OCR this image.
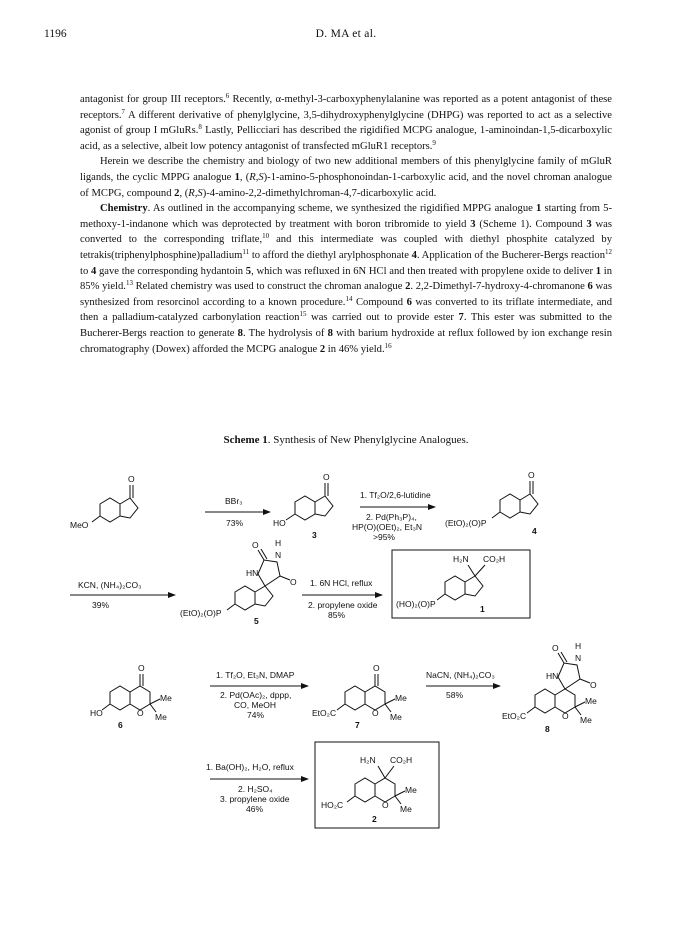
1196	D. MA et al.

antagonist for group III receptors.$^6$ Recently, α-methyl-3-carboxyphenylalanine was reported as a potent antagonist of these receptors.$^7$ A different derivative of phenylglycine, 3,5-dihydroxyphenylglycine (DHPG) was reported to act as a selective agonist of group I mGluRs.$^8$ Lastly, Pellicciari has described the rigidified MCPG analogue, 1-aminoindan-1,5-dicarboxylic acid, as a selective, albeit low potency antagonist of transfected mGluR1 receptors.$^9$

Herein we describe the chemistry and biology of two new additional members of this phenylglycine family of mGluR ligands, the cyclic MPPG analogue 1, (R,S)-1-amino-5-phosphonoindan-1-carboxylic acid, and the novel chroman analogue of MCPG, compound 2, (R,S)-4-amino-2,2-dimethylchroman-4,7-dicarboxylic acid.

Chemistry. As outlined in the accompanying scheme, we synthesized the rigidified MPPG analogue 1 starting from 5-methoxy-1-indanone which was deprotected by treatment with boron tribromide to yield 3 (Scheme 1). Compound 3 was converted to the corresponding triflate,$^{10}$ and this intermediate was coupled with diethyl phosphite catalyzed by tetrakis(triphenylphosphine)palladium$^{11}$ to afford the diethyl arylphosphonate 4. Application of the Bucherer-Bergs reaction$^{12}$ to 4 gave the corresponding hydantoin 5, which was refluxed in 6N HCl and then treated with propylene oxide to deliver 1 in 85% yield.$^{13}$ Related chemistry was used to construct the chroman analogue 2. 2,2-Dimethyl-7-hydroxy-4-chromanone 6 was synthesized from resorcinol according to a known procedure.$^{14}$ Compound 6 was converted to its triflate intermediate, and then a palladium-catalyzed carbonylation reaction$^{15}$ was carried out to provide ester 7. This ester was submitted to the Bucherer-Bergs reaction to generate 8. The hydrolysis of 8 with barium hydroxide at reflux followed by ion exchange resin chromatography (Dowex) afforded the MCPG analogue 2 in 46% yield.$^{16}$

Scheme 1. Synthesis of New Phenylglycine Analogues.
O
MeO
BBr₃
73%
O
HO
3
1. Tf₂O/2,6-lutidine
2. Pd(Ph₃P)₄,
HP(O)(OEt)₂, Et₃N
>95%
O
(EtO)₂(O)P
4
KCN, (NH₄)₂CO₃
39%
O
O
N
H
HN
(EtO)₂(O)P
5
1. 6N HCl, reflux
2. propylene oxide
85%
H₂N CO₂H
(HO)₂(O)P	1
O
O
Me
Me
HO
6
1. Tf₂O, Et₃N, DMAP
2. Pd(OAc)₂, dppp,
CO, MeOH
74%
O
O
Me
Me
EtO₂C
7
NaCN, (NH₄)₂CO₃
58%
O
O
N
H
HN
O
Me
Me
EtO₂C
8
1. Ba(OH)₂, H₂O, reflux
2. H₂SO₄
3. propylene oxide
46%
H₂N CO₂H
O
Me
Me
HO₂C
2
